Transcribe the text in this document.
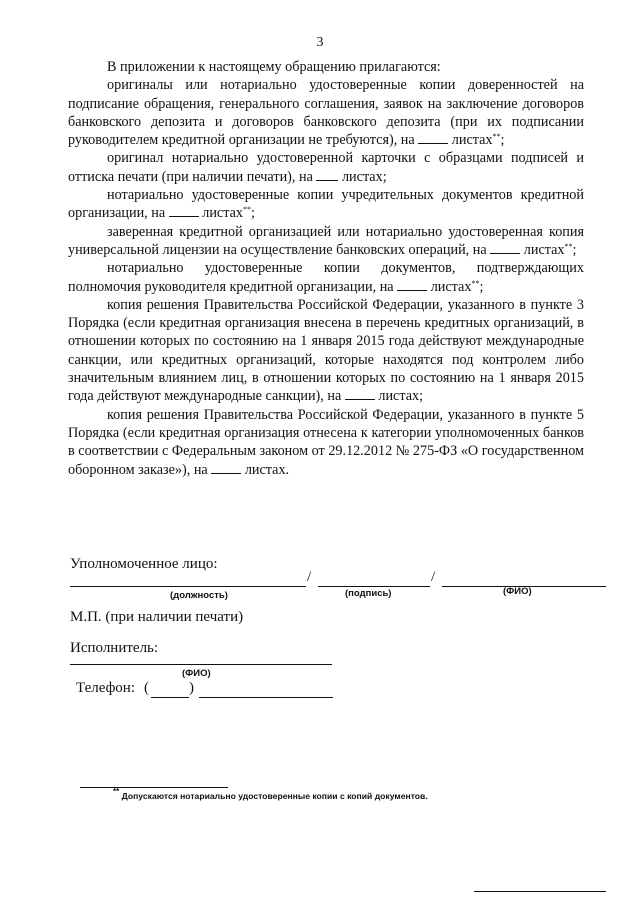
3

В приложении к настоящему обращению прилагаются:

оригиналы или нотариально удостоверенные копии доверенностей на подписание обращения, генерального соглашения, заявок на заключение договоров банковского депозита и договоров банковского депозита (при их подписании руководителем кредитной организации не требуются), на	листах**;

оригинал нотариально удостоверенной карточки с образцами подписей и оттиска печати (при наличии печати), на листах;

нотариально удостоверенные копии учредительных документов кредитной организации, на	листах**;

заверенная кредитной организацией или нотариально удостоверенная копия универсальной лицензии на осуществление банковских операций, на	листах**;

нотариально удостоверенные копии документов, подтверждающих полномочия руководителя кредитной организации, на	листах**;

копия решения Правительства Российской Федерации, указанного в пункте 3 Порядка (если кредитная организация внесена в перечень кредитных организаций, в отношении которых по состоянию на 1 января 2015 года действуют международные санкции, или кредитных организаций, которые находятся под контролем либо значительным влиянием лиц, в отношении которых по состоянию на 1 января 2015 года действуют международные санкции), на	листах;

копия решения Правительства Российской Федерации, указанного в пункте 5 Порядка (если кредитная организация отнесена к категории уполномоченных банков в соответствии с Федеральным законом от 29.12.2012 № 275-ФЗ «О государственном оборонном заказе»), на	листах.

Уполномоченное лицо:
/	/
(должность)	(подпись)	(ФИО)
М.П. (при наличии печати)
Исполнитель:
(ФИО)
Телефон: (	)
** Допускаются нотариально удостоверенные копии с копий документов.
